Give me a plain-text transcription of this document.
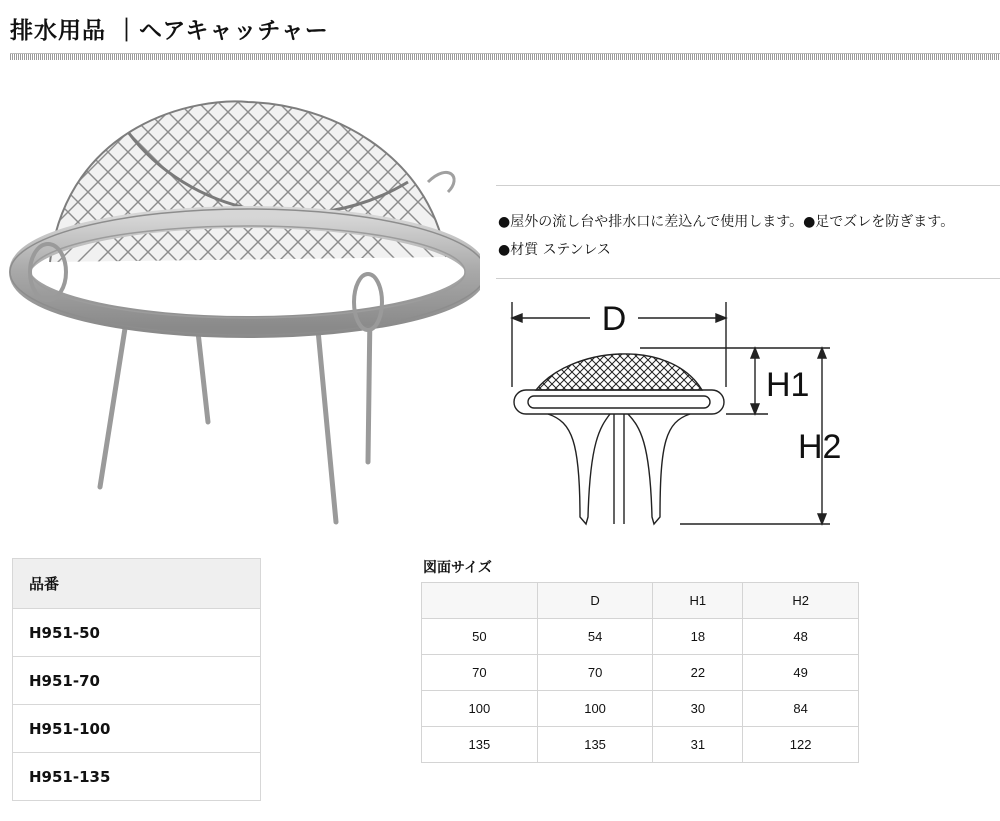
排水用品 ｜ヘアキャッチャー
●屋外の流し台や排水口に差込んで使用します。●足でズレを防ぎます。
●材質 ステンレス
D
H1
H2
品番
H951-50
H951-70
H951-100
H951-135
図面サイズ
	D	H1	H2
50	54	18	48
70	70	22	49
100	100	30	84
135	135	31	122
